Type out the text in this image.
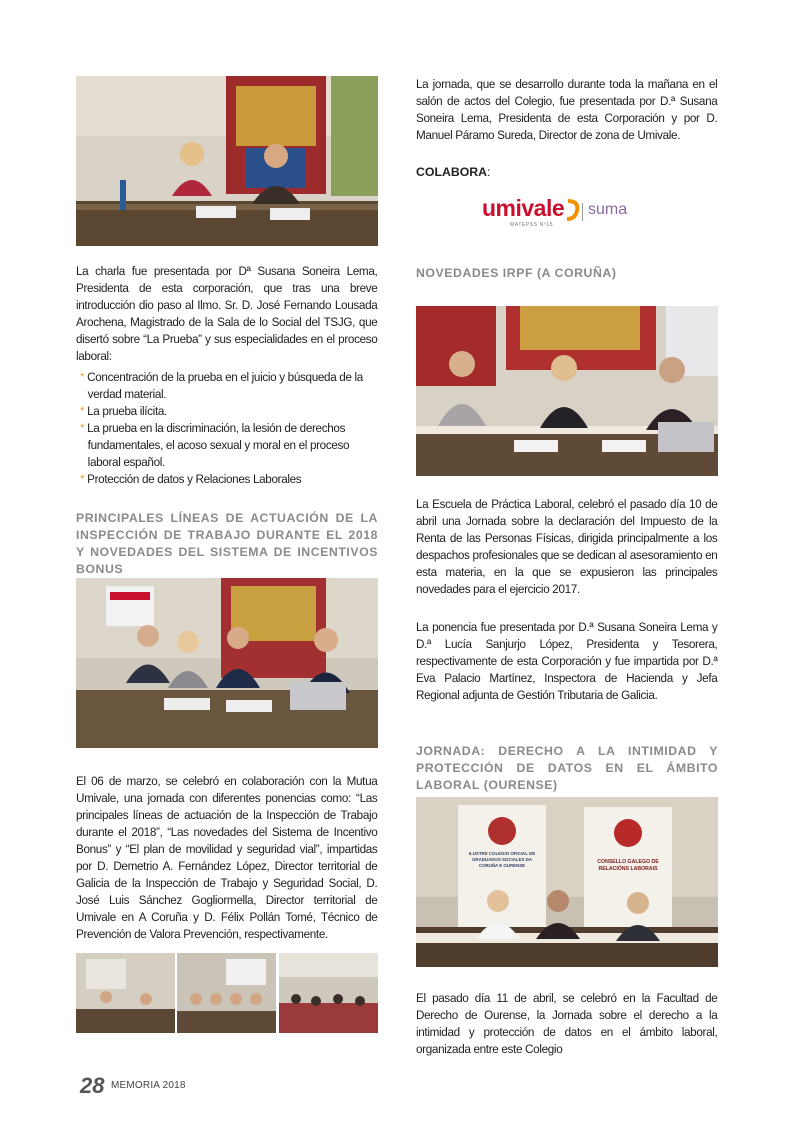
La charla fue presentada por Dª Susana Soneira Lema, Presidenta de esta corporación, que tras una breve introducción dio paso al Ilmo. Sr. D. José Fernando Lousada Arochena, Magistrado de la Sala de lo Social del TSJG, que disertó sobre “La Prueba” y sus especialidades en el proceso laboral:

* Concentración de la prueba en el juicio y búsqueda de la verdad material.
* La prueba ilícita.
* La prueba en la discriminación, la lesión de derechos fundamentales, el acoso sexual y moral en el proceso laboral español.
* Protección de datos y Relaciones Laborales

PRINCIPALES LÍNEAS DE ACTUACIÓN DE LA INSPECCIÓN DE TRABAJO DURANTE EL 2018 Y NOVEDADES DEL SISTEMA DE INCENTIVOS BONUS

El 06 de marzo, se celebró en colaboración con la Mutua Umivale, una jornada con diferentes ponencias como: “Las principales líneas de actuación de la Inspección de Trabajo durante el 2018”, “Las novedades del Sistema de Incentivo Bonus” y “El plan de movilidad y seguridad vial”, impartidas por D. Demetrio A. Fernández López, Director territorial de Galicia de la Inspección de Trabajo y Seguridad Social, D. José Luis Sánchez Gogliormella, Director territorial de Umivale en A Coruña y D. Félix Pollán Tomé, Técnico de Prevención de Valora Prevención, respectivamente.

La jornada, que se desarrollo durante toda la mañana en el salón de actos del Colegio, fue presentada por D.ª Susana Soneira Lema, Presidenta de esta Corporación y por D. Manuel Páramo Sureda, Director de zona de Umivale.

COLABORA:
umivale
MATEPSS Nº15
suma

NOVEDADES IRPF (A CORUÑA)

La Escuela de Práctica Laboral, celebró el pasado día 10 de abril una Jornada sobre la declaración del Impuesto de la Renta de las Personas Físicas, dirigida principalmente a los despachos profesionales que se dedican al asesoramiento en esta materia, en la que se expusieron las principales novedades para el ejercicio 2017.

La ponencia fue presentada por D.ª Susana Soneira Lema y D.ª Lucía Sanjurjo López, Presidenta y Tesorera, respectivamente de esta Corporación y fue impartida por D.ª Eva Palacio Martínez, Inspectora de Hacienda y Jefa Regional adjunta de Gestión Tributaria de Galicia.

JORNADA: DERECHO A LA INTIMIDAD Y PROTECCIÓN DE DATOS EN EL ÁMBITO LABORAL (OURENSE)

ILUSTRE COLEGIO OFICIAL DE GRADUADOS SOCIALES DA CORUÑA E OURENSE
CONSELLO GALEGO DE RELACIÓNS LABORAIS

El pasado día 11 de abril, se celebró en la Facultad de Derecho de Ourense, la Jornada sobre el derecho a la intimidad y protección de datos en el ámbito laboral, organizada entre este Colegio

28 MEMORIA 2018
